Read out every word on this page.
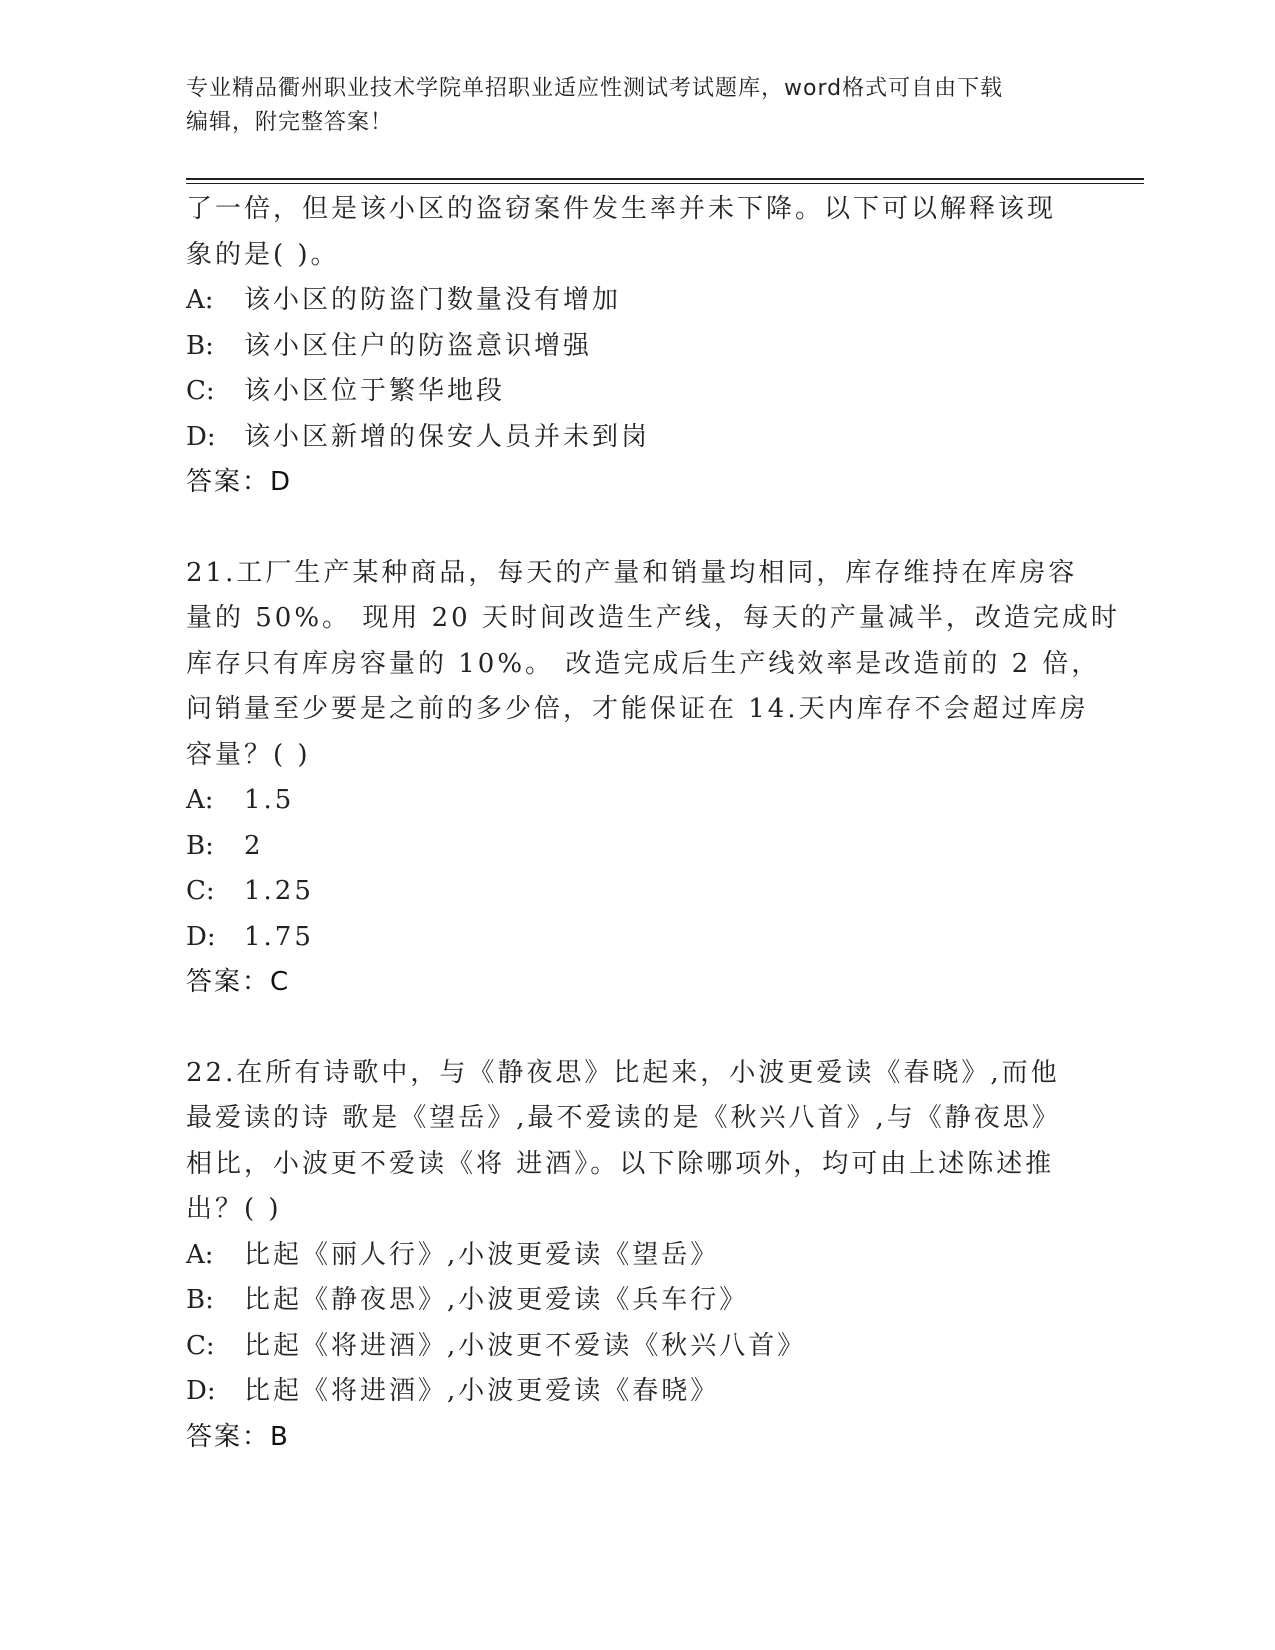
专业精品衢州职业技术学院单招职业适应性测试考试题库，word格式可自由下载
编辑，附完整答案！
了一倍，但是该小区的盗窃案件发生率并未下降。以下可以解释该现
象的是( )。
A: 该小区的防盗门数量没有增加
B: 该小区住户的防盗意识增强
C: 该小区位于繁华地段
D: 该小区新增的保安人员并未到岗
答案：D
21.工厂生产某种商品，每天的产量和销量均相同，库存维持在库房容
量的 50%。 现用 20 天时间改造生产线，每天的产量减半，改造完成时
库存只有库房容量的 10%。 改造完成后生产线效率是改造前的 2 倍，
问销量至少要是之前的多少倍，才能保证在 14.天内库存不会超过库房
容量？( )
A: 1.5
B: 2
C: 1.25
D: 1.75
答案：C
22.在所有诗歌中，与《静夜思》比起来，小波更爱读《春晓》,而他
最爱读的诗 歌是《望岳》,最不爱读的是《秋兴八首》,与《静夜思》
相比，小波更不爱读《将 进酒》。以下除哪项外，均可由上述陈述推
出？( )
A: 比起《丽人行》,小波更爱读《望岳》
B: 比起《静夜思》,小波更爱读《兵车行》
C: 比起《将进酒》,小波更不爱读《秋兴八首》
D: 比起《将进酒》,小波更爱读《春晓》
答案：B
